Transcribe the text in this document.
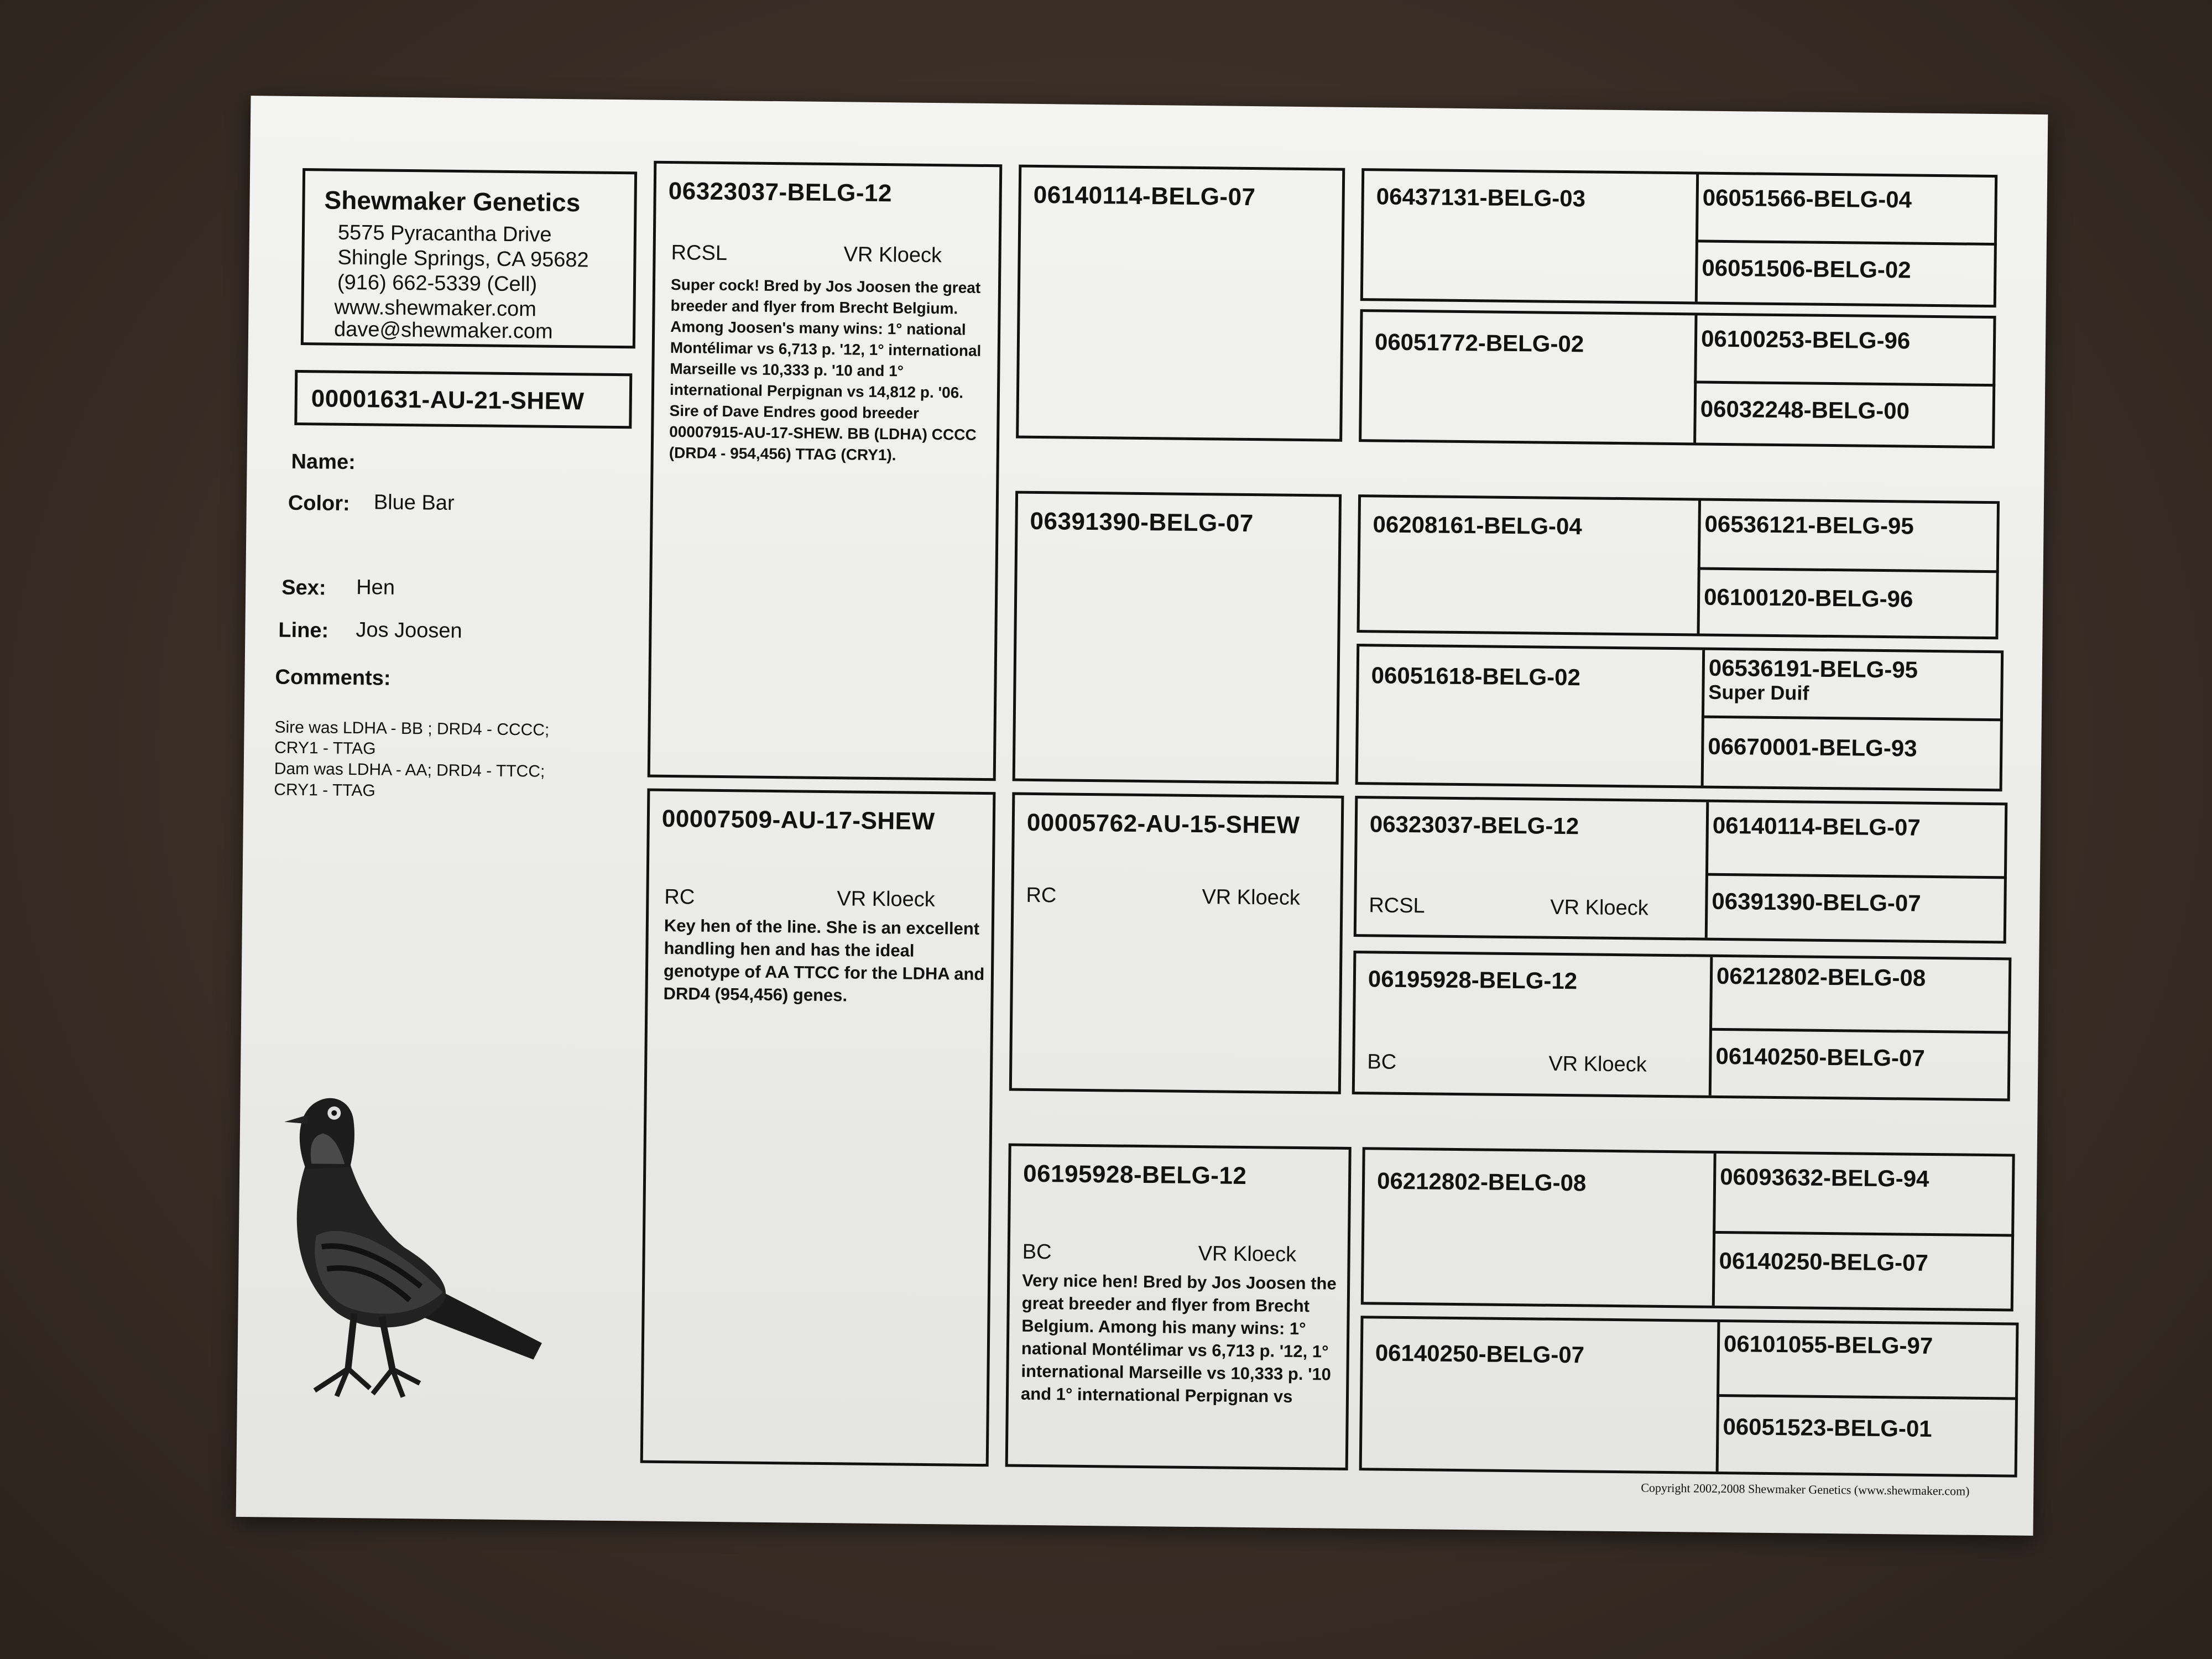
Shewmaker Genetics
5575 Pyracantha Drive
Shingle Springs, CA 95682
(916) 662-5339 (Cell)
www.shewmaker.com
dave@shewmaker.com
00001631-AU-21-SHEW
Name:
Color: Blue Bar
Sex: Hen
Line: Jos Joosen
Comments:
Sire was LDHA - BB ; DRD4 - CCCC;
CRY1 - TTAG
Dam was LDHA - AA; DRD4 - TTCC;
CRY1 - TTAG
06323037-BELG-12
RCSL	VR Kloeck
Super cock! Bred by Jos Joosen the great breeder and flyer from Brecht Belgium. Among Joosen's many wins: 1° national Montélimar vs 6,713 p. '12, 1° international Marseille vs 10,333 p. '10 and 1° international Perpignan vs 14,812 p. '06. Sire of Dave Endres good breeder 00007915-AU-17-SHEW. BB (LDHA) CCCC (DRD4 - 954,456) TTAG (CRY1).
00007509-AU-17-SHEW
RC	VR Kloeck
Key hen of the line. She is an excellent handling hen and has the ideal genotype of AA TTCC for the LDHA and DRD4 (954,456) genes.
06140114-BELG-07
06391390-BELG-07
00005762-AU-15-SHEW
RC	VR Kloeck
06195928-BELG-12
BC	VR Kloeck
Very nice hen! Bred by Jos Joosen the great breeder and flyer from Brecht Belgium. Among his many wins: 1° national Montélimar vs 6,713 p. '12, 1° international Marseille vs 10,333 p. '10 and 1° international Perpignan vs
06437131-BELG-03	06051566-BELG-04
06051506-BELG-02
06051772-BELG-02	06100253-BELG-96
06032248-BELG-00
06208161-BELG-04	06536121-BELG-95
06100120-BELG-96
06051618-BELG-02	06536191-BELG-95
Super Duif
06670001-BELG-93
06323037-BELG-12
RCSL	VR Kloeck
06140114-BELG-07
06391390-BELG-07
06195928-BELG-12
BC	VR Kloeck
06212802-BELG-08
06140250-BELG-07
06212802-BELG-08	06093632-BELG-94
06140250-BELG-07
06140250-BELG-07	06101055-BELG-97
06051523-BELG-01
Copyright 2002,2008 Shewmaker Genetics (www.shewmaker.com)
